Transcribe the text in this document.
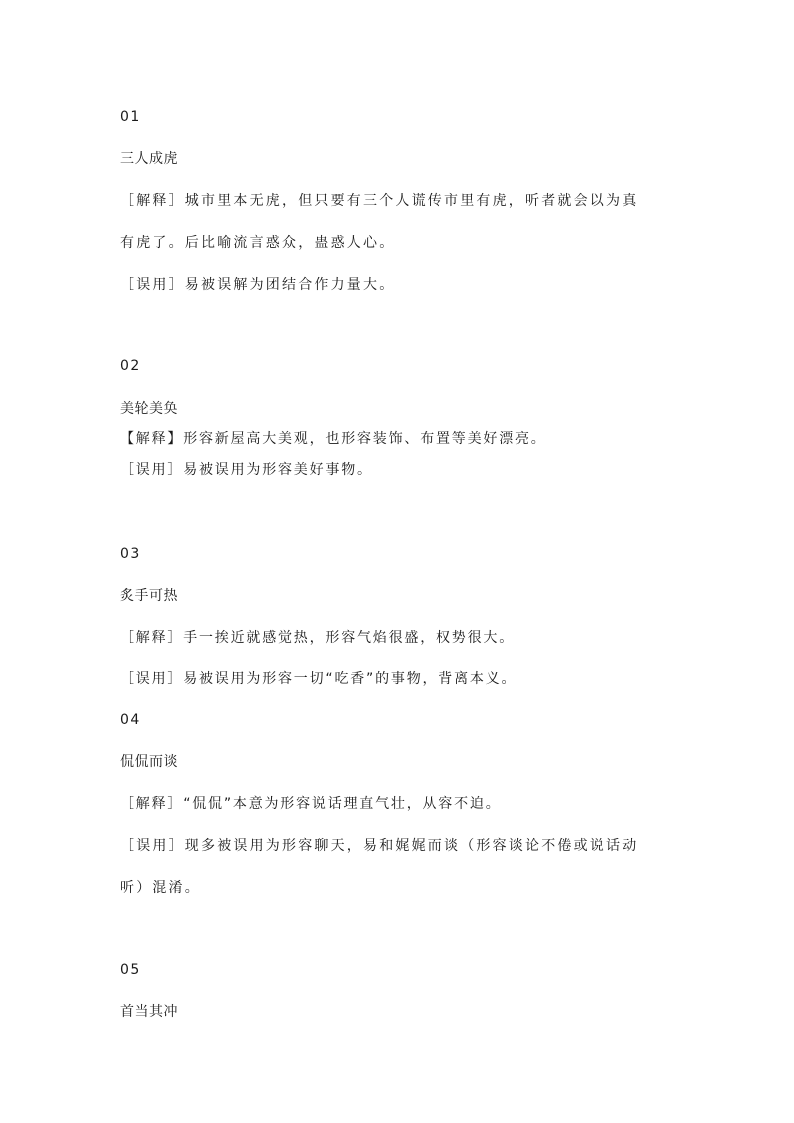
01
三人成虎
［解释］城市里本无虎，但只要有三个人谎传市里有虎，听者就会以为真
有虎了。后比喻流言惑众，蛊惑人心。
［误用］易被误解为团结合作力量大。
02
美轮美奂
【解释】形容新屋高大美观，也形容装饰、布置等美好漂亮。
［误用］易被误用为形容美好事物。
03
炙手可热
［解释］手一挨近就感觉热，形容气焰很盛，权势很大。
［误用］易被误用为形容一切“吃香”的事物，背离本义。
04
侃侃而谈
［解释］“侃侃”本意为形容说话理直气壮，从容不迫。
［误用］现多被误用为形容聊天，易和娓娓而谈（形容谈论不倦或说话动
听）混淆。
05
首当其冲
